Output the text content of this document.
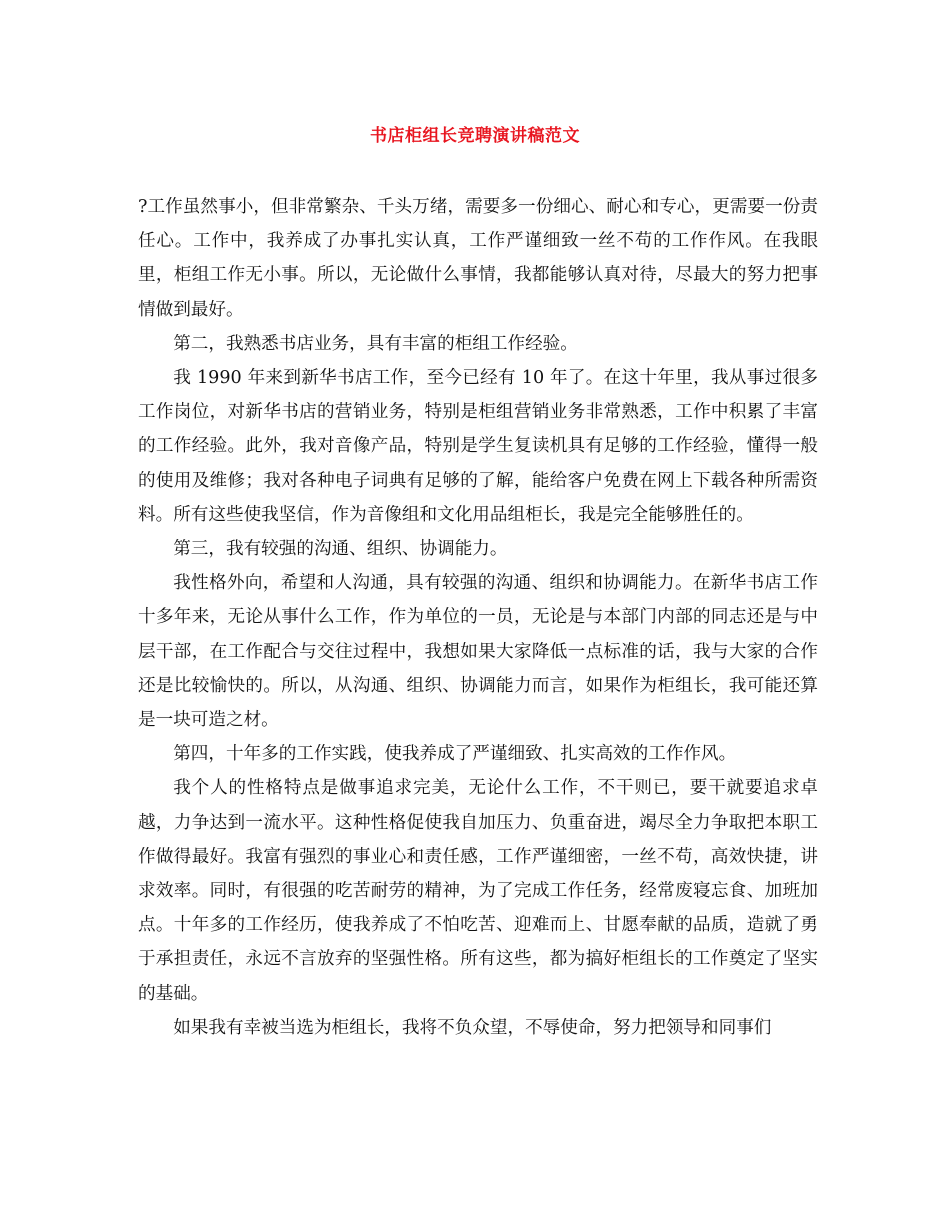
书店柜组长竞聘演讲稿范文

?工作虽然事小，但非常繁杂、千头万绪，需要多一份细心、耐心和专心，更需要一份责任心。工作中，我养成了办事扎实认真，工作严谨细致一丝不苟的工作作风。在我眼里，柜组工作无小事。所以，无论做什么事情，我都能够认真对待，尽最大的努力把事情做到最好。

第二，我熟悉书店业务，具有丰富的柜组工作经验。

我 1990 年来到新华书店工作，至今已经有 10 年了。在这十年里，我从事过很多工作岗位，对新华书店的营销业务，特别是柜组营销业务非常熟悉，工作中积累了丰富的工作经验。此外，我对音像产品，特别是学生复读机具有足够的工作经验，懂得一般的使用及维修；我对各种电子词典有足够的了解，能给客户免费在网上下载各种所需资料。所有这些使我坚信，作为音像组和文化用品组柜长，我是完全能够胜任的。

第三，我有较强的沟通、组织、协调能力。

我性格外向，希望和人沟通，具有较强的沟通、组织和协调能力。在新华书店工作十多年来，无论从事什么工作，作为单位的一员，无论是与本部门内部的同志还是与中层干部，在工作配合与交往过程中，我想如果大家降低一点标准的话，我与大家的合作还是比较愉快的。所以，从沟通、组织、协调能力而言，如果作为柜组长，我可能还算是一块可造之材。

第四，十年多的工作实践，使我养成了严谨细致、扎实高效的工作作风。

我个人的性格特点是做事追求完美，无论什么工作，不干则已，要干就要追求卓越，力争达到一流水平。这种性格促使我自加压力、负重奋进，竭尽全力争取把本职工作做得最好。我富有强烈的事业心和责任感，工作严谨细密，一丝不苟，高效快捷，讲求效率。同时，有很强的吃苦耐劳的精神，为了完成工作任务，经常废寝忘食、加班加点。十年多的工作经历，使我养成了不怕吃苦、迎难而上、甘愿奉献的品质，造就了勇于承担责任，永远不言放弃的坚强性格。所有这些，都为搞好柜组长的工作奠定了坚实的基础。

如果我有幸被当选为柜组长，我将不负众望，不辱使命，努力把领导和同事们
